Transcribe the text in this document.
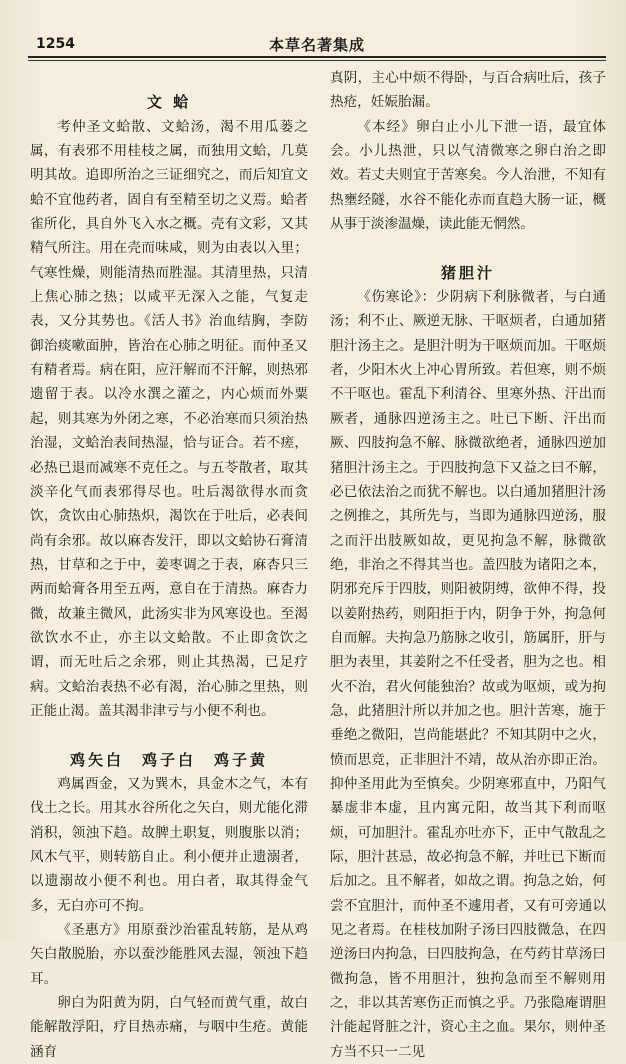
1254	本草名著集成
文 蛤

考仲圣文蛤散、文蛤汤，渴不用瓜蒌之属，有表邪不用桂枝之属，而独用文蛤，几莫明其故。追即所治之三证细究之，而后知宜文蛤不宜他药者，固自有至精至切之义焉。蛤者雀所化，具自外飞入水之概。壳有文彩，又其精气所注。用在壳而味咸，则为由表以入里；气寒性燥，则能清热而胜湿。其清里热，只清上焦心肺之热；以咸平无深入之能，气复走表，又分其势也。《活人书》治血结胸，李防御治痰嗽面肿，皆治在心肺之明征。而仲圣又有精者焉。病在阳，应汗解而不汗解，则热邪遗留于表。以冷水潠之灌之，内心烦而外粟起，则其寒为外闭之寒，不必治寒而只须治热治湿，文蛤治表间热湿，恰与证合。若不瘥，必热已退而减寒不克任之。与五苓散者，取其淡辛化气而表邪得尽也。吐后渴欲得水而贪饮，贪饮由心肺热炽，渴饮在于吐后，必表间尚有余邪。故以麻杏发汗，即以文蛤协石膏清热，甘草和之于中，姜枣调之于表，麻杏只三两而蛤膏各用至五两，意自在于清热。麻杏力微，故兼主微风，此汤实非为风寒设也。至渴欲饮水不止，亦主以文蛤散。不止即贪饮之谓，而无吐后之余邪，则止其热渴，已足疗病。文蛤治表热不必有渴，治心肺之里热，则正能止渴。盖其渴非津亏与小便不利也。

鸡矢白　鸡子白　鸡子黄

鸡属酉金，又为巽木，具金木之气，本有伐土之长。用其水谷所化之矢白，则尤能化滞消积，领浊下趋。故脾土职复，则腹胀以消；风木气平，则转筋自止。利小便并止遗溺者，以遗溺故小便不利也。用白者，取其得金气多，无白亦可不拘。

《圣惠方》用原蚕沙治霍乱转筋，是从鸡矢白散脱胎，亦以蚕沙能胜风去湿，领浊下趋耳。

卵白为阳黄为阴，白气轻而黄气重，故白能解散浮阳，疗目热赤痛，与咽中生疮。黄能涵育

真阴，主心中烦不得卧，与百合病吐后，孩子热疮，妊娠胎漏。

《本经》卵白止小儿下泄一语，最宜体会。小儿热泄，只以气清微寒之卵白治之即效。若丈夫则宜于苦寒矣。今人治泄，不知有热壅经隧，水谷不能化赤而直趋大肠一证，概从事于淡渗温燥，读此能无惘然。

猪胆汁

《伤寒论》：少阴病下利脉微者，与白通汤；利不止、厥逆无脉、干呕烦者，白通加猪胆汁汤主之。是胆汁明为干呕烦而加。干呕烦者，少阳木火上冲心胃所致。若但寒，则不烦不干呕也。霍乱下利清谷、里寒外热、汗出而厥者，通脉四逆汤主之。吐已下断、汗出而厥、四肢拘急不解、脉微欲绝者，通脉四逆加猪胆汁汤主之。于四肢拘急下又益之曰不解，必已依法治之而犹不解也。以白通加猪胆汁汤之例推之，其所先与，当即为通脉四逆汤，服之而汗出肢厥如故，更见拘急不解，脉微欲绝，非治之不得其当也。盖四肢为诸阳之本，阴邪充斥于四肢，则阳被阴缚，欲伸不得，投以姜附热药，则阳拒于内，阴争于外，拘急何自而解。夫拘急乃筋脉之收引，筋属肝，肝与胆为表里，其姜附之不任受者，胆为之也。相火不治，君火何能独治？故或为呕烦，或为拘急，此猪胆汁所以并加之也。胆汁苦寒，施于垂绝之微阳，岂尚能堪此？不知其阴中之火，愤而思竞，正非胆汁不靖，故从治亦即正治。抑仲圣用此为至慎矣。少阴寒邪直中，乃阳气暴虚非本虚，且内寓元阳，故当其下利而呕烦，可加胆汁。霍乱亦吐亦下，正中气散乱之际，胆汁甚忌，故必拘急不解，并吐已下断而后加之。且不解者，如故之谓。拘急之始，何尝不宜胆汁，而仲圣不遽用者，又有可旁通以见之者焉。在桂枝加附子汤曰四肢微急，在四逆汤曰内拘急，曰四肢拘急，在芍药甘草汤曰微拘急，皆不用胆汁，独拘急而至不解则用之，非以其苦寒伤正而慎之乎。乃张隐庵谓胆汁能起肾脏之汁，资心主之血。果尔，则仲圣方当不只一二见
